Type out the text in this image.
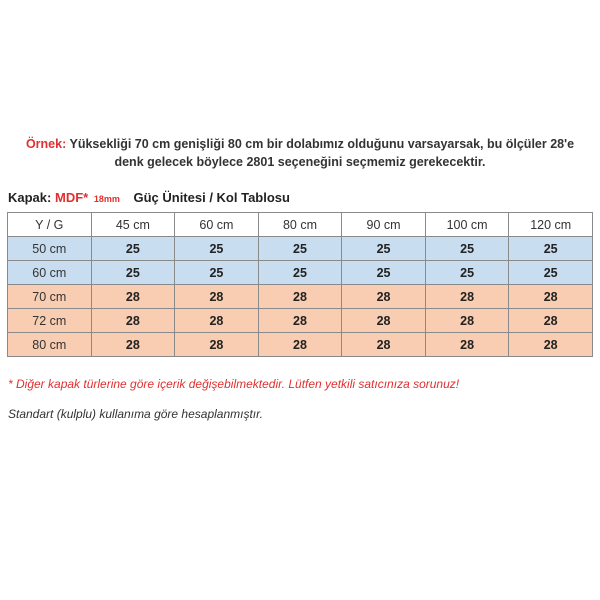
Örnek: Yüksekliği 70 cm genişliği 80 cm bir dolabımız olduğunu varsayarsak, bu ölçüler 28'e denk gelecek böylece 2801 seçeneğini seçmemiz gerekecektir.
Kapak: MDF* 18mm Güç Ünitesi / Kol Tablosu
Y / G	45 cm	60 cm	80 cm	90 cm	100 cm	120 cm
50 cm	25	25	25	25	25	25
60 cm	25	25	25	25	25	25
70 cm	28	28	28	28	28	28
72 cm	28	28	28	28	28	28
80 cm	28	28	28	28	28	28
* Diğer kapak türlerine göre içerik değişebilmektedir. Lütfen yetkili satıcınıza sorunuz!
Standart (kulplu) kullanıma göre hesaplanmıştır.
